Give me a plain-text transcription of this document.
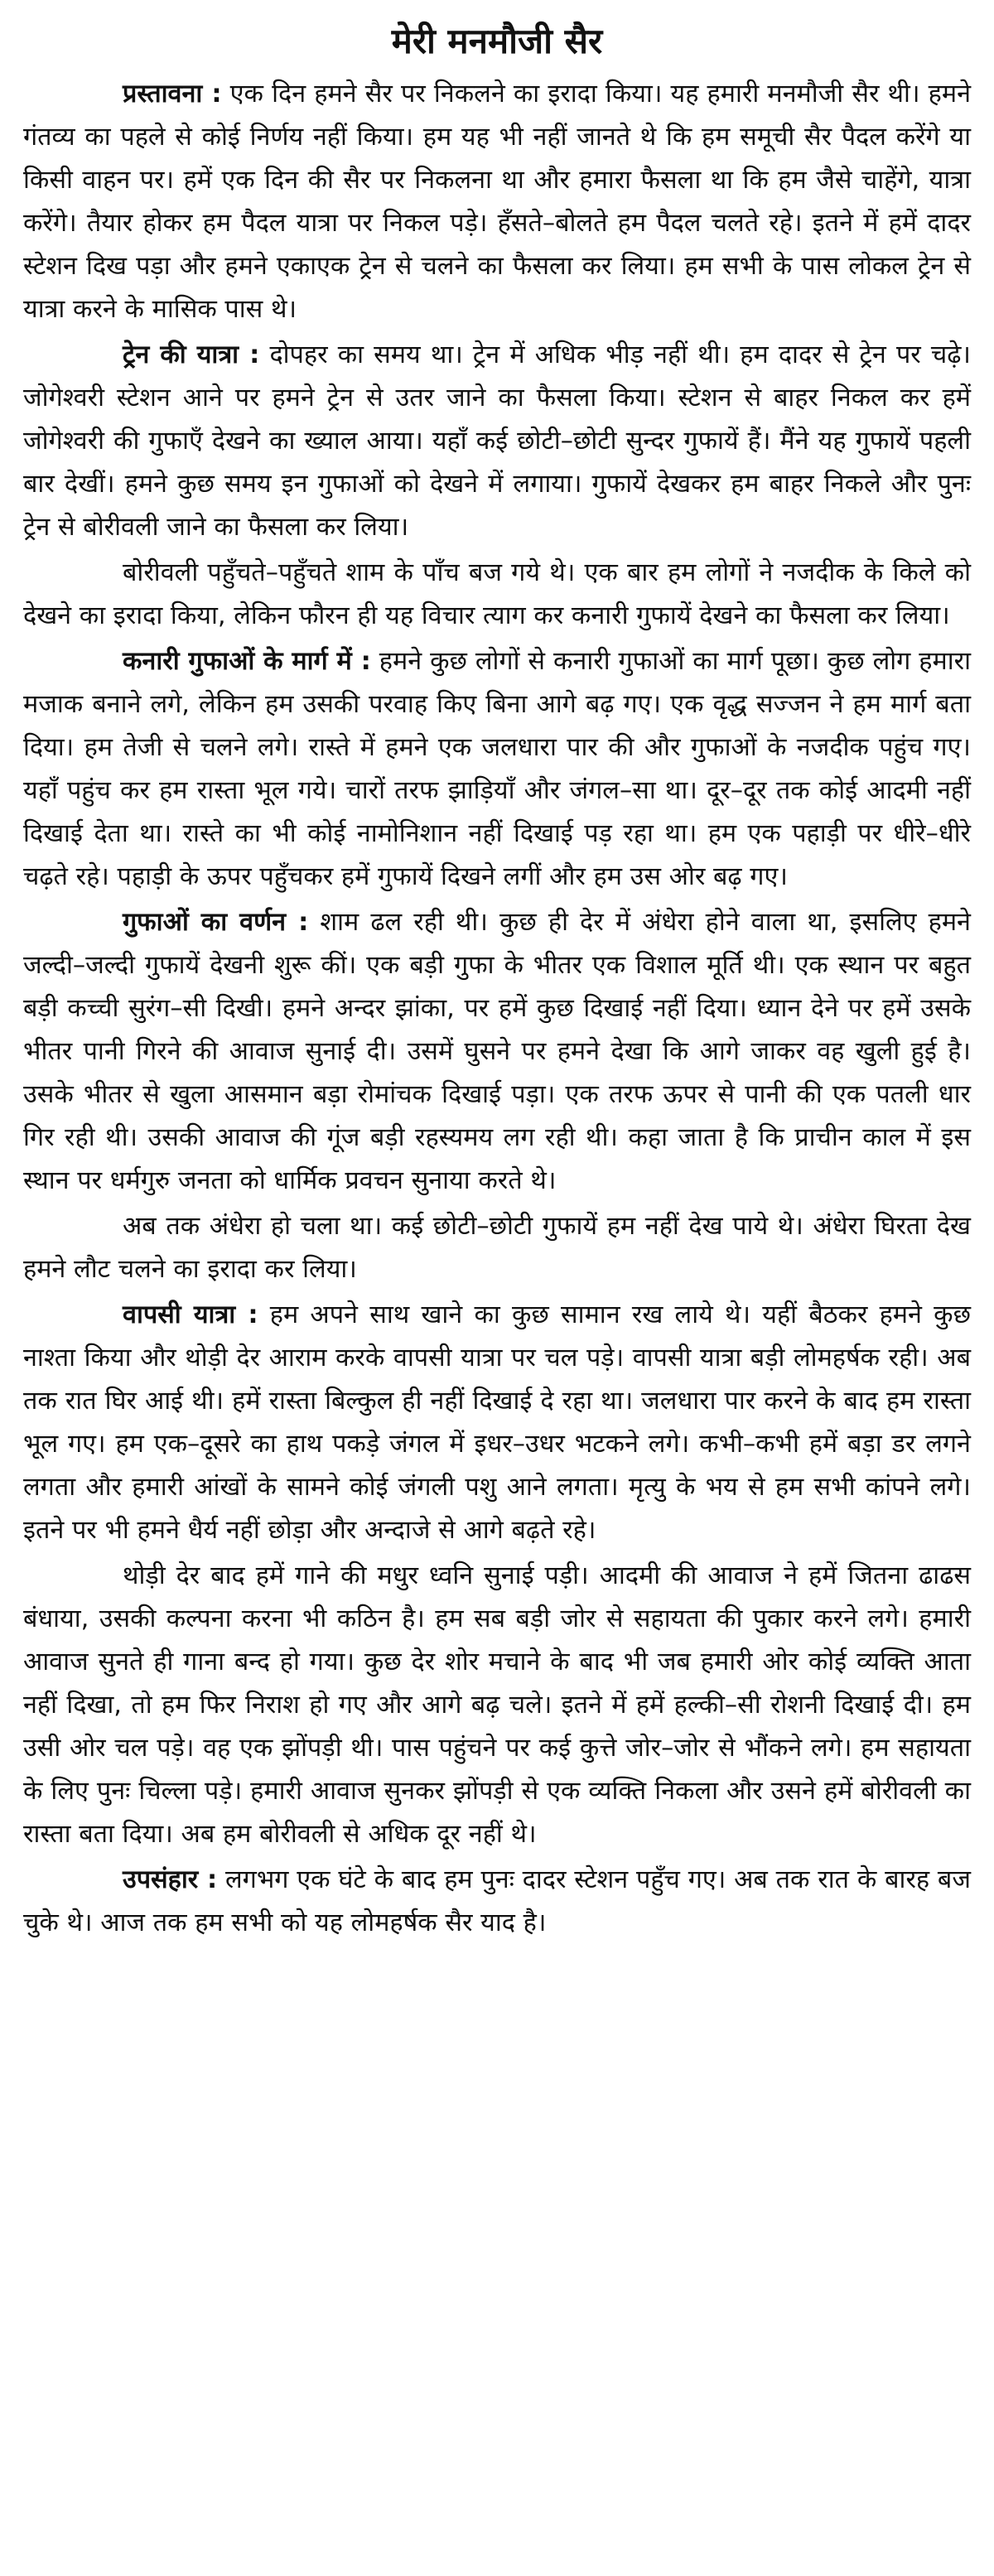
मेरी मनमौजी सैर

प्रस्तावना : एक दिन हमने सैर पर निकलने का इरादा किया। यह हमारी मनमौजी सैर थी। हमने गंतव्य का पहले से कोई निर्णय नहीं किया। हम यह भी नहीं जानते थे कि हम समूची सैर पैदल करेंगे या किसी वाहन पर। हमें एक दिन की सैर पर निकलना था और हमारा फैसला था कि हम जैसे चाहेंगे, यात्रा करेंगे। तैयार होकर हम पैदल यात्रा पर निकल पड़े। हँसते–बोलते हम पैदल चलते रहे। इतने में हमें दादर स्टेशन दिख पड़ा और हमने एकाएक ट्रेन से चलने का फैसला कर लिया। हम सभी के पास लोकल ट्रेन से यात्रा करने के मासिक पास थे।

ट्रेन की यात्रा : दोपहर का समय था। ट्रेन में अधिक भीड़ नहीं थी। हम दादर से ट्रेन पर चढ़े। जोगेश्वरी स्टेशन आने पर हमने ट्रेन से उतर जाने का फैसला किया। स्टेशन से बाहर निकल कर हमें जोगेश्वरी की गुफाएँ देखने का ख्याल आया। यहाँ कई छोटी–छोटी सुन्दर गुफायें हैं। मैंने यह गुफायें पहली बार देखीं। हमने कुछ समय इन गुफाओं को देखने में लगाया। गुफायें देखकर हम बाहर निकले और पुनः ट्रेन से बोरीवली जाने का फैसला कर लिया।

बोरीवली पहुँचते–पहुँचते शाम के पाँच बज गये थे। एक बार हम लोगों ने नजदीक के किले को देखने का इरादा किया, लेकिन फौरन ही यह विचार त्याग कर कनारी गुफायें देखने का फैसला कर लिया।

कनारी गुफाओं के मार्ग में : हमने कुछ लोगों से कनारी गुफाओं का मार्ग पूछा। कुछ लोग हमारा मजाक बनाने लगे, लेकिन हम उसकी परवाह किए बिना आगे बढ़ गए। एक वृद्ध सज्जन ने हम मार्ग बता दिया। हम तेजी से चलने लगे। रास्ते में हमने एक जलधारा पार की और गुफाओं के नजदीक पहुंच गए। यहाँ पहुंच कर हम रास्ता भूल गये। चारों तरफ झाड़ियाँ और जंगल–सा था। दूर–दूर तक कोई आदमी नहीं दिखाई देता था। रास्ते का भी कोई नामोनिशान नहीं दिखाई पड़ रहा था। हम एक पहाड़ी पर धीरे–धीरे चढ़ते रहे। पहाड़ी के ऊपर पहुँचकर हमें गुफायें दिखने लगीं और हम उस ओर बढ़ गए।

गुफाओं का वर्णन : शाम ढल रही थी। कुछ ही देर में अंधेरा होने वाला था, इसलिए हमने जल्दी–जल्दी गुफायें देखनी शुरू कीं। एक बड़ी गुफा के भीतर एक विशाल मूर्ति थी। एक स्थान पर बहुत बड़ी कच्ची सुरंग–सी दिखी। हमने अन्दर झांका, पर हमें कुछ दिखाई नहीं दिया। ध्यान देने पर हमें उसके भीतर पानी गिरने की आवाज सुनाई दी। उसमें घुसने पर हमने देखा कि आगे जाकर वह खुली हुई है। उसके भीतर से खुला आसमान बड़ा रोमांचक दिखाई पड़ा। एक तरफ ऊपर से पानी की एक पतली धार गिर रही थी। उसकी आवाज की गूंज बड़ी रहस्यमय लग रही थी। कहा जाता है कि प्राचीन काल में इस स्थान पर धर्मगुरु जनता को धार्मिक प्रवचन सुनाया करते थे।

अब तक अंधेरा हो चला था। कई छोटी–छोटी गुफायें हम नहीं देख पाये थे। अंधेरा घिरता देख हमने लौट चलने का इरादा कर लिया।

वापसी यात्रा : हम अपने साथ खाने का कुछ सामान रख लाये थे। यहीं बैठकर हमने कुछ नाश्ता किया और थोड़ी देर आराम करके वापसी यात्रा पर चल पड़े। वापसी यात्रा बड़ी लोमहर्षक रही। अब तक रात घिर आई थी। हमें रास्ता बिल्कुल ही नहीं दिखाई दे रहा था। जलधारा पार करने के बाद हम रास्ता भूल गए। हम एक–दूसरे का हाथ पकड़े जंगल में इधर–उधर भटकने लगे। कभी–कभी हमें बड़ा डर लगने लगता और हमारी आंखों के सामने कोई जंगली पशु आने लगता। मृत्यु के भय से हम सभी कांपने लगे। इतने पर भी हमने धैर्य नहीं छोड़ा और अन्दाजे से आगे बढ़ते रहे।

थोड़ी देर बाद हमें गाने की मधुर ध्वनि सुनाई पड़ी। आदमी की आवाज ने हमें जितना ढाढस बंधाया, उसकी कल्पना करना भी कठिन है। हम सब बड़ी जोर से सहायता की पुकार करने लगे। हमारी आवाज सुनते ही गाना बन्द हो गया। कुछ देर शोर मचाने के बाद भी जब हमारी ओर कोई व्यक्ति आता नहीं दिखा, तो हम फिर निराश हो गए और आगे बढ़ चले। इतने में हमें हल्की–सी रोशनी दिखाई दी। हम उसी ओर चल पड़े। वह एक झोंपड़ी थी। पास पहुंचने पर कई कुत्ते जोर–जोर से भौंकने लगे। हम सहायता के लिए पुनः चिल्ला पड़े। हमारी आवाज सुनकर झोंपड़ी से एक व्यक्ति निकला और उसने हमें बोरीवली का रास्ता बता दिया। अब हम बोरीवली से अधिक दूर नहीं थे।

उपसंहार : लगभग एक घंटे के बाद हम पुनः दादर स्टेशन पहुँच गए। अब तक रात के बारह बज चुके थे। आज तक हम सभी को यह लोमहर्षक सैर याद है।
